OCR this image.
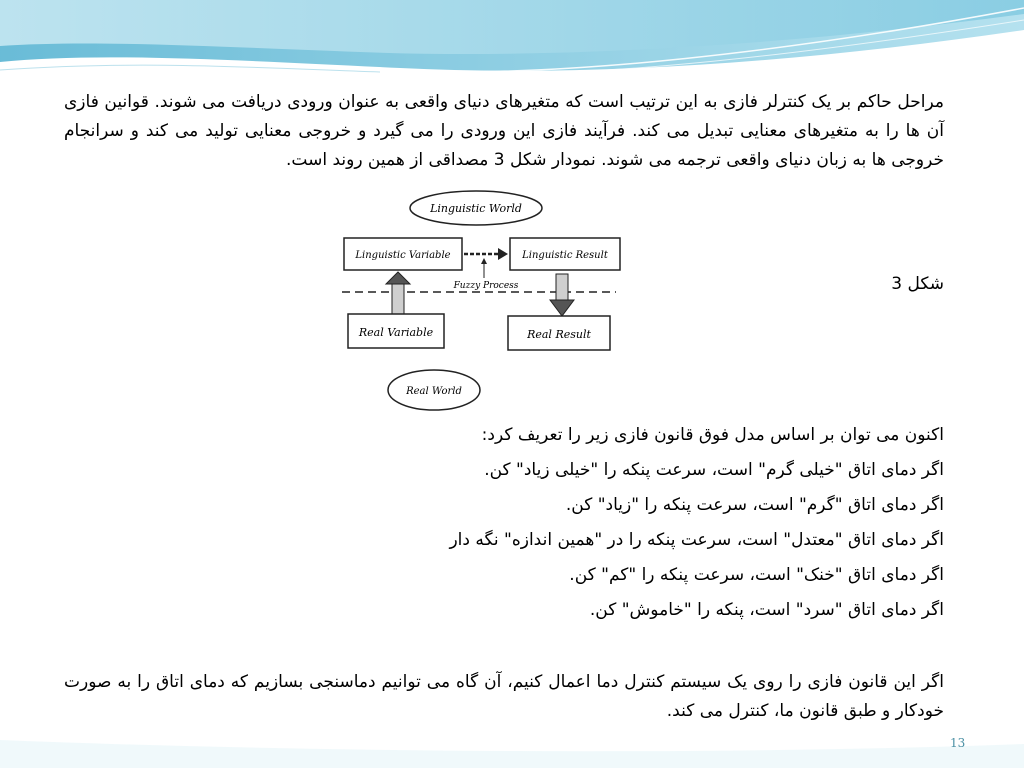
مراحل حاکم بر یک کنترلر فازی به این ترتیب است که متغیرهای دنیای واقعی به عنوان ورودی دریافت می شوند. قوانین فازی آن ها را به متغیرهای معنایی تبدیل می کند. فرآیند فازی این ورودی را می گیرد و خروجی معنایی تولید می کند و سرانجام خروجی ها به زبان دنیای واقعی ترجمه می شوند. نمودار شکل 3 مصداقی از همین روند است.
Linguistic World
Linguistic Variable	Linguistic Result
Fuzzy Process
Real Variable	Real Result
Real World
شکل 3
اکنون می توان بر اساس مدل فوق قانون فازی زیر را تعریف کرد:
اگر دمای اتاق "خیلی گرم" است، سرعت پنکه را "خیلی زیاد" کن.
اگر دمای اتاق "گرم" است، سرعت پنکه را "زیاد" کن.
اگر دمای اتاق "معتدل" است، سرعت پنکه را در "همین اندازه" نگه دار
اگر دمای اتاق "خنک" است، سرعت پنکه را "کم" کن.
اگر دمای اتاق "سرد" است، پنکه را "خاموش" کن.
اگر این قانون فازی را روی یک سیستم کنترل دما اعمال کنیم، آن گاه می توانیم دماسنجی بسازیم که دمای اتاق را به صورت خودکار و طبق قانون ما، کنترل می کند.
13
